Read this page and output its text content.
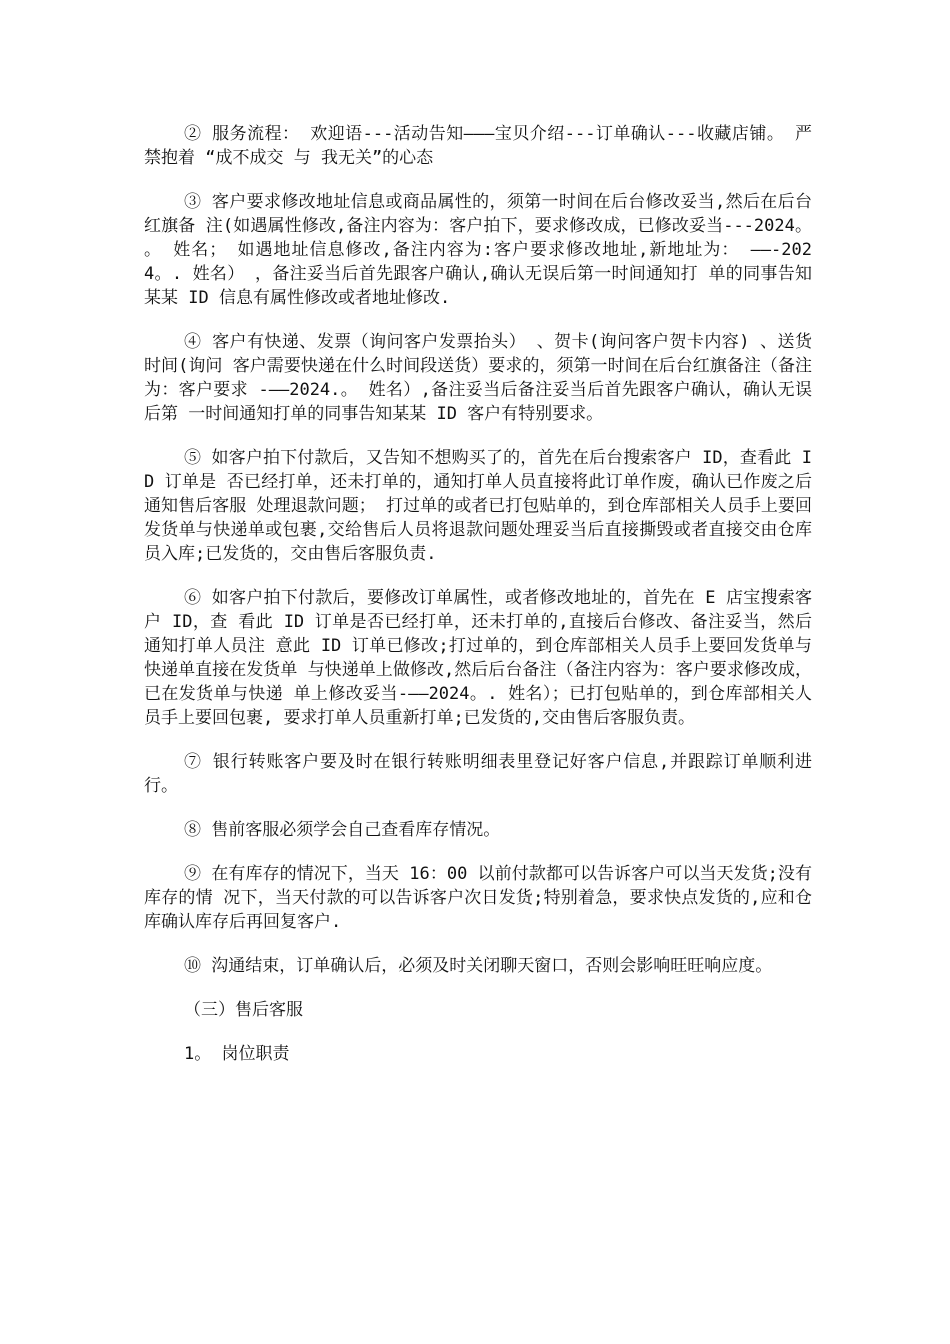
② 服务流程： 欢迎语---活动告知———宝贝介绍---订单确认---收藏店铺。 严禁抱着 “成不成交 与 我无关”的心态

③ 客户要求修改地址信息或商品属性的，须第一时间在后台修改妥当,然后在后台红旗备 注(如遇属性修改,备注内容为：客户拍下，要求修改成，已修改妥当---2024。 。 姓名； 如遇地址信息修改,备注内容为:客户要求修改地址,新地址为： ——-2024。. 姓名） ，备注妥当后首先跟客户确认,确认无误后第一时间通知打 单的同事告知某某 ID 信息有属性修改或者地址修改.

④ 客户有快递、发票（询问客户发票抬头） 、贺卡(询问客户贺卡内容) 、送货时间(询问 客户需要快递在什么时间段送货）要求的，须第一时间在后台红旗备注（备注为：客户要求 -——2024.。 姓名）,备注妥当后备注妥当后首先跟客户确认，确认无误后第 一时间通知打单的同事告知某某 ID 客户有特别要求。

⑤ 如客户拍下付款后，又告知不想购买了的，首先在后台搜索客户 ID，查看此 ID 订单是 否已经打单，还未打单的，通知打单人员直接将此订单作废，确认已作废之后通知售后客服 处理退款问题； 打过单的或者已打包贴单的，到仓库部相关人员手上要回发货单与快递单或包裹,交给售后人员将退款问题处理妥当后直接撕毁或者直接交由仓库员入库;已发货的，交由售后客服负责.

⑥ 如客户拍下付款后，要修改订单属性，或者修改地址的，首先在 E 店宝搜索客户 ID，查 看此 ID 订单是否已经打单，还未打单的,直接后台修改、备注妥当，然后通知打单人员注 意此 ID 订单已修改;打过单的，到仓库部相关人员手上要回发货单与快递单直接在发货单 与快递单上做修改,然后后台备注（备注内容为：客户要求修改成，已在发货单与快递 单上修改妥当-——2024。. 姓名）；已打包贴单的，到仓库部相关人员手上要回包裹, 要求打单人员重新打单;已发货的,交由售后客服负责。

⑦ 银行转账客户要及时在银行转账明细表里登记好客户信息,并跟踪订单顺利进行。

⑧ 售前客服必须学会自己查看库存情况。

⑨ 在有库存的情况下，当天 16：00 以前付款都可以告诉客户可以当天发货;没有库存的情 况下，当天付款的可以告诉客户次日发货;特别着急，要求快点发货的,应和仓库确认库存后再回复客户.

⑩ 沟通结束，订单确认后，必须及时关闭聊天窗口，否则会影响旺旺响应度。

（三）售后客服

1。 岗位职责
